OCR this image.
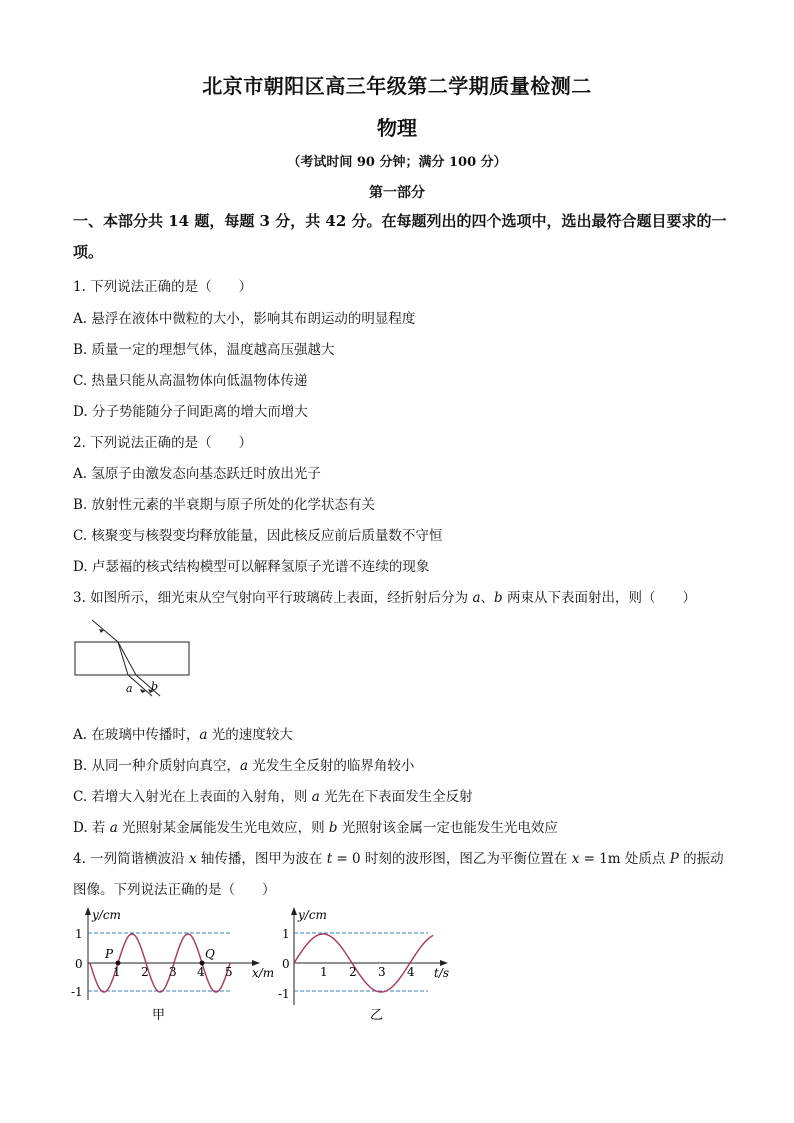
北京市朝阳区高三年级第二学期质量检测二
物理
（考试时间 90 分钟；满分 100 分）
第一部分
一、本部分共 14 题，每题 3 分，共 42 分。在每题列出的四个选项中，选出最符合题目要求的一项。
1. 下列说法正确的是（　　）
A. 悬浮在液体中微粒的大小，影响其布朗运动的明显程度
B. 质量一定的理想气体，温度越高压强越大
C. 热量只能从高温物体向低温物体传递
D. 分子势能随分子间距离的增大而增大
2. 下列说法正确的是（　　）
A. 氢原子由激发态向基态跃迁时放出光子
B. 放射性元素的半衰期与原子所处的化学状态有关
C. 核聚变与核裂变均释放能量，因此核反应前后质量数不守恒
D. 卢瑟福的核式结构模型可以解释氢原子光谱不连续的现象
3. 如图所示，细光束从空气射向平行玻璃砖上表面，经折射后分为 a、b 两束从下表面射出，则（　　）
a b
A. 在玻璃中传播时，a 光的速度较大
B. 从同一种介质射向真空，a 光发生全反射的临界角较小
C. 若增大入射光在上表面的入射角，则 a 光先在下表面发生全反射
D. 若 a 光照射某金属能发生光电效应，则 b 光照射该金属一定也能发生光电效应
4. 一列简谐横波沿 x 轴传播，图甲为波在 t = 0 时刻的波形图，图乙为平衡位置在 x = 1m 处质点 P 的振动
图像。下列说法正确的是（　　）
P	Q
y/cm
x/m
1
0
-1
1 2 3 4 5
甲
y/cm
t/s
1
0
-1
1 2 3 4
乙
